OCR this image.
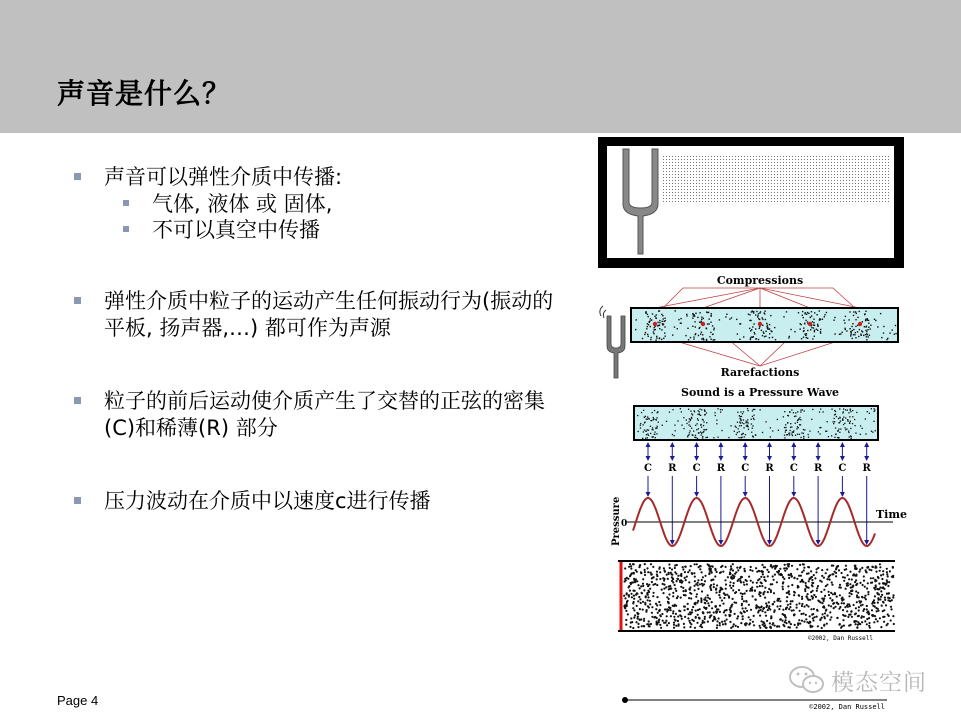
声音是什么？
声音可以弹性介质中传播:
气体, 液体 或 固体,
不可以真空中传播
弹性介质中粒子的运动产生任何振动行为(振动的平板, 扬声器,…) 都可作为声源
粒子的前后运动使介质产生了交替的正弦的密集(C)和稀薄(R) 部分
压力波动在介质中以速度c进行传播
Page 4
Compressions
Rarefactions
Sound is a Pressure Wave
C R C R C R C R C R
0
Time
Pressure
©2002, Dan Russell
©2002, Dan Russell
模态空间
